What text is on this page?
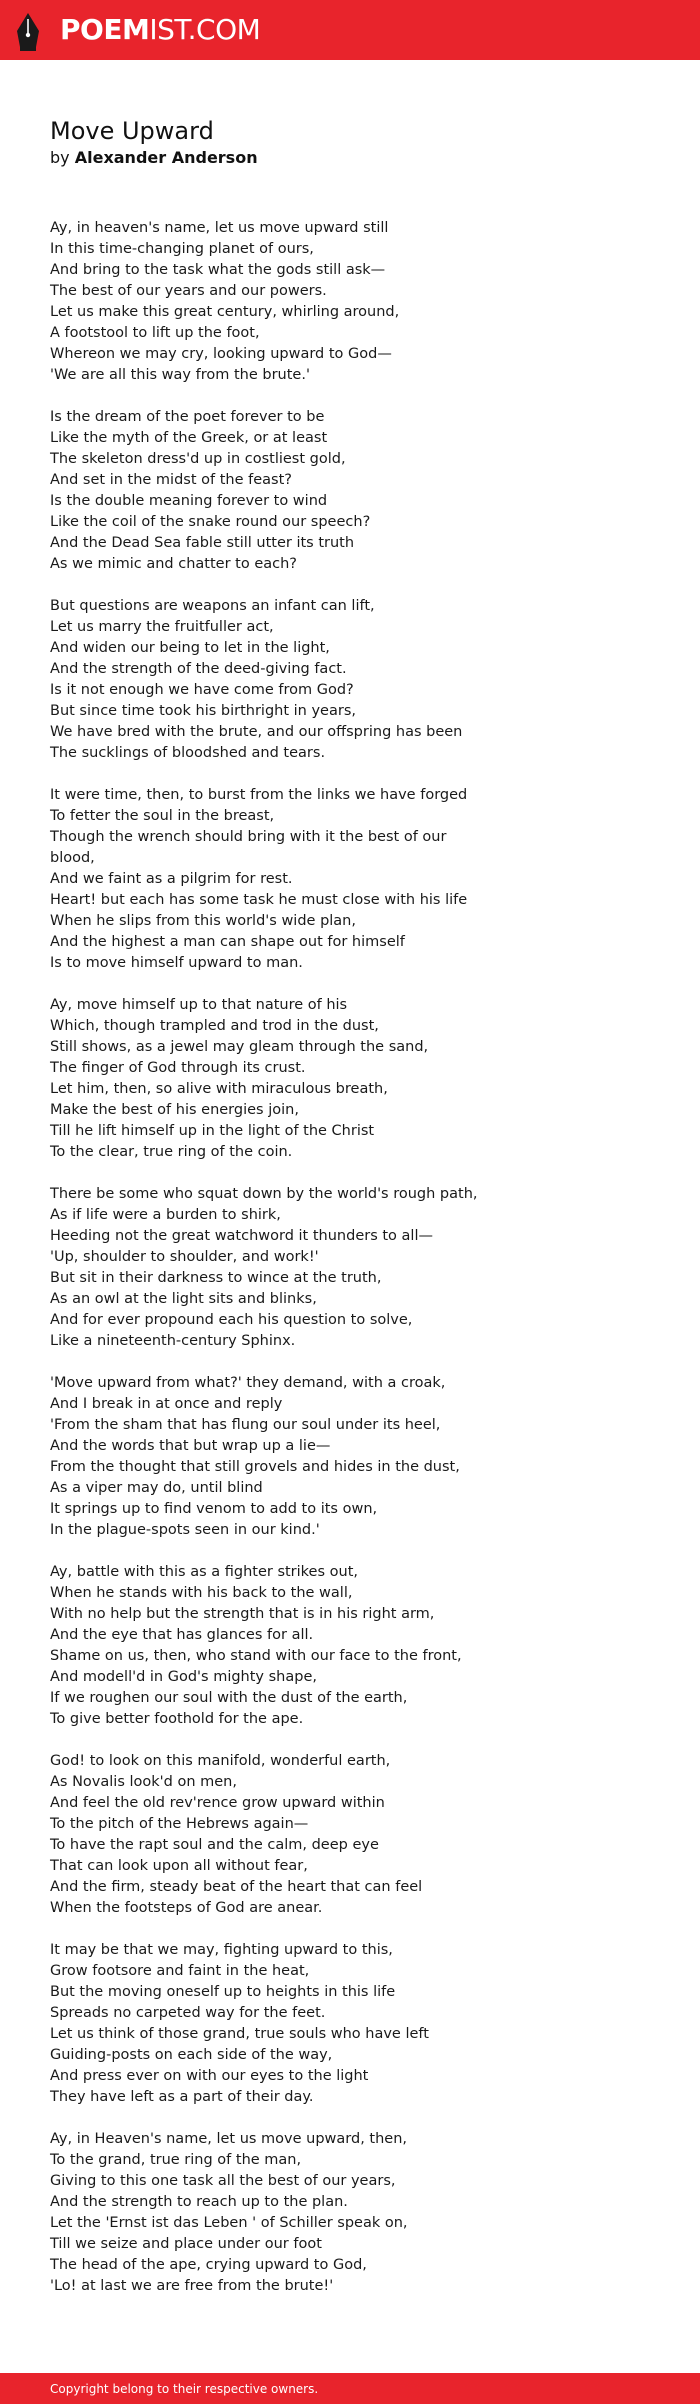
POEMIST.COM
Move Upward
by Alexander Anderson
Ay, in heaven's name, let us move upward still
In this time-changing planet of ours,
And bring to the task what the gods still ask—
The best of our years and our powers.
Let us make this great century, whirling around,
A footstool to lift up the foot,
Whereon we may cry, looking upward to God—
'We are all this way from the brute.'
Is the dream of the poet forever to be
Like the myth of the Greek, or at least
The skeleton dress'd up in costliest gold,
And set in the midst of the feast?
Is the double meaning forever to wind
Like the coil of the snake round our speech?
And the Dead Sea fable still utter its truth
As we mimic and chatter to each?
But questions are weapons an infant can lift,
Let us marry the fruitfuller act,
And widen our being to let in the light,
And the strength of the deed-giving fact.
Is it not enough we have come from God?
But since time took his birthright in years,
We have bred with the brute, and our offspring has been
The sucklings of bloodshed and tears.
It were time, then, to burst from the links we have forged
To fetter the soul in the breast,
Though the wrench should bring with it the best of our blood,
And we faint as a pilgrim for rest.
Heart! but each has some task he must close with his life
When he slips from this world's wide plan,
And the highest a man can shape out for himself
Is to move himself upward to man.
Ay, move himself up to that nature of his
Which, though trampled and trod in the dust,
Still shows, as a jewel may gleam through the sand,
The finger of God through its crust.
Let him, then, so alive with miraculous breath,
Make the best of his energies join,
Till he lift himself up in the light of the Christ
To the clear, true ring of the coin.
There be some who squat down by the world's rough path,
As if life were a burden to shirk,
Heeding not the great watchword it thunders to all—
'Up, shoulder to shoulder, and work!'
But sit in their darkness to wince at the truth,
As an owl at the light sits and blinks,
And for ever propound each his question to solve,
Like a nineteenth-century Sphinx.
'Move upward from what?' they demand, with a croak,
And I break in at once and reply
'From the sham that has flung our soul under its heel,
And the words that but wrap up a lie—
From the thought that still grovels and hides in the dust,
As a viper may do, until blind
It springs up to find venom to add to its own,
In the plague-spots seen in our kind.'
Ay, battle with this as a fighter strikes out,
When he stands with his back to the wall,
With no help but the strength that is in his right arm,
And the eye that has glances for all.
Shame on us, then, who stand with our face to the front,
And modell'd in God's mighty shape,
If we roughen our soul with the dust of the earth,
To give better foothold for the ape.
God! to look on this manifold, wonderful earth,
As Novalis look'd on men,
And feel the old rev'rence grow upward within
To the pitch of the Hebrews again—
To have the rapt soul and the calm, deep eye
That can look upon all without fear,
And the firm, steady beat of the heart that can feel
When the footsteps of God are anear.
It may be that we may, fighting upward to this,
Grow footsore and faint in the heat,
But the moving oneself up to heights in this life
Spreads no carpeted way for the feet.
Let us think of those grand, true souls who have left
Guiding-posts on each side of the way,
And press ever on with our eyes to the light
They have left as a part of their day.
Ay, in Heaven's name, let us move upward, then,
To the grand, true ring of the man,
Giving to this one task all the best of our years,
And the strength to reach up to the plan.
Let the 'Ernst ist das Leben ' of Schiller speak on,
Till we seize and place under our foot
The head of the ape, crying upward to God,
'Lo! at last we are free from the brute!'
Copyright belong to their respective owners.
